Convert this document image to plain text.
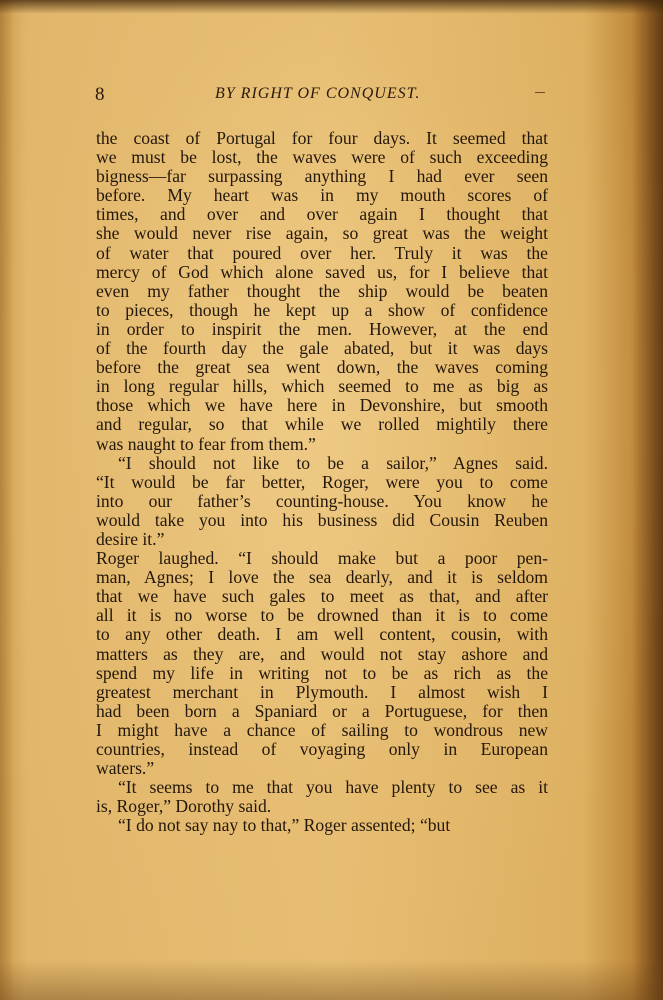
8	BY RIGHT OF CONQUEST.
the coast of Portugal for four days. It seemed that
we must be lost, the waves were of such exceeding
bigness—far surpassing anything I had ever seen
before. My heart was in my mouth scores of
times, and over and over again I thought that
she would never rise again, so great was the weight
of water that poured over her. Truly it was the
mercy of God which alone saved us, for I believe that
even my father thought the ship would be beaten
to pieces, though he kept up a show of confidence
in order to inspirit the men. However, at the end
of the fourth day the gale abated, but it was days
before the great sea went down, the waves coming
in long regular hills, which seemed to me as big as
those which we have here in Devonshire, but smooth
and regular, so that while we rolled mightily there
was naught to fear from them.”
“I should not like to be a sailor,” Agnes said.
“It would be far better, Roger, were you to come
into our father’s counting-house. You know he
would take you into his business did Cousin Reuben
desire it.”
Roger laughed. “I should make but a poor pen-
man, Agnes; I love the sea dearly, and it is seldom
that we have such gales to meet as that, and after
all it is no worse to be drowned than it is to come
to any other death. I am well content, cousin, with
matters as they are, and would not stay ashore and
spend my life in writing not to be as rich as the
greatest merchant in Plymouth. I almost wish I
had been born a Spaniard or a Portuguese, for then
I might have a chance of sailing to wondrous new
countries, instead of voyaging only in European
waters.”
“It seems to me that you have plenty to see as it
is, Roger,” Dorothy said.
“I do not say nay to that,” Roger assented; “but
